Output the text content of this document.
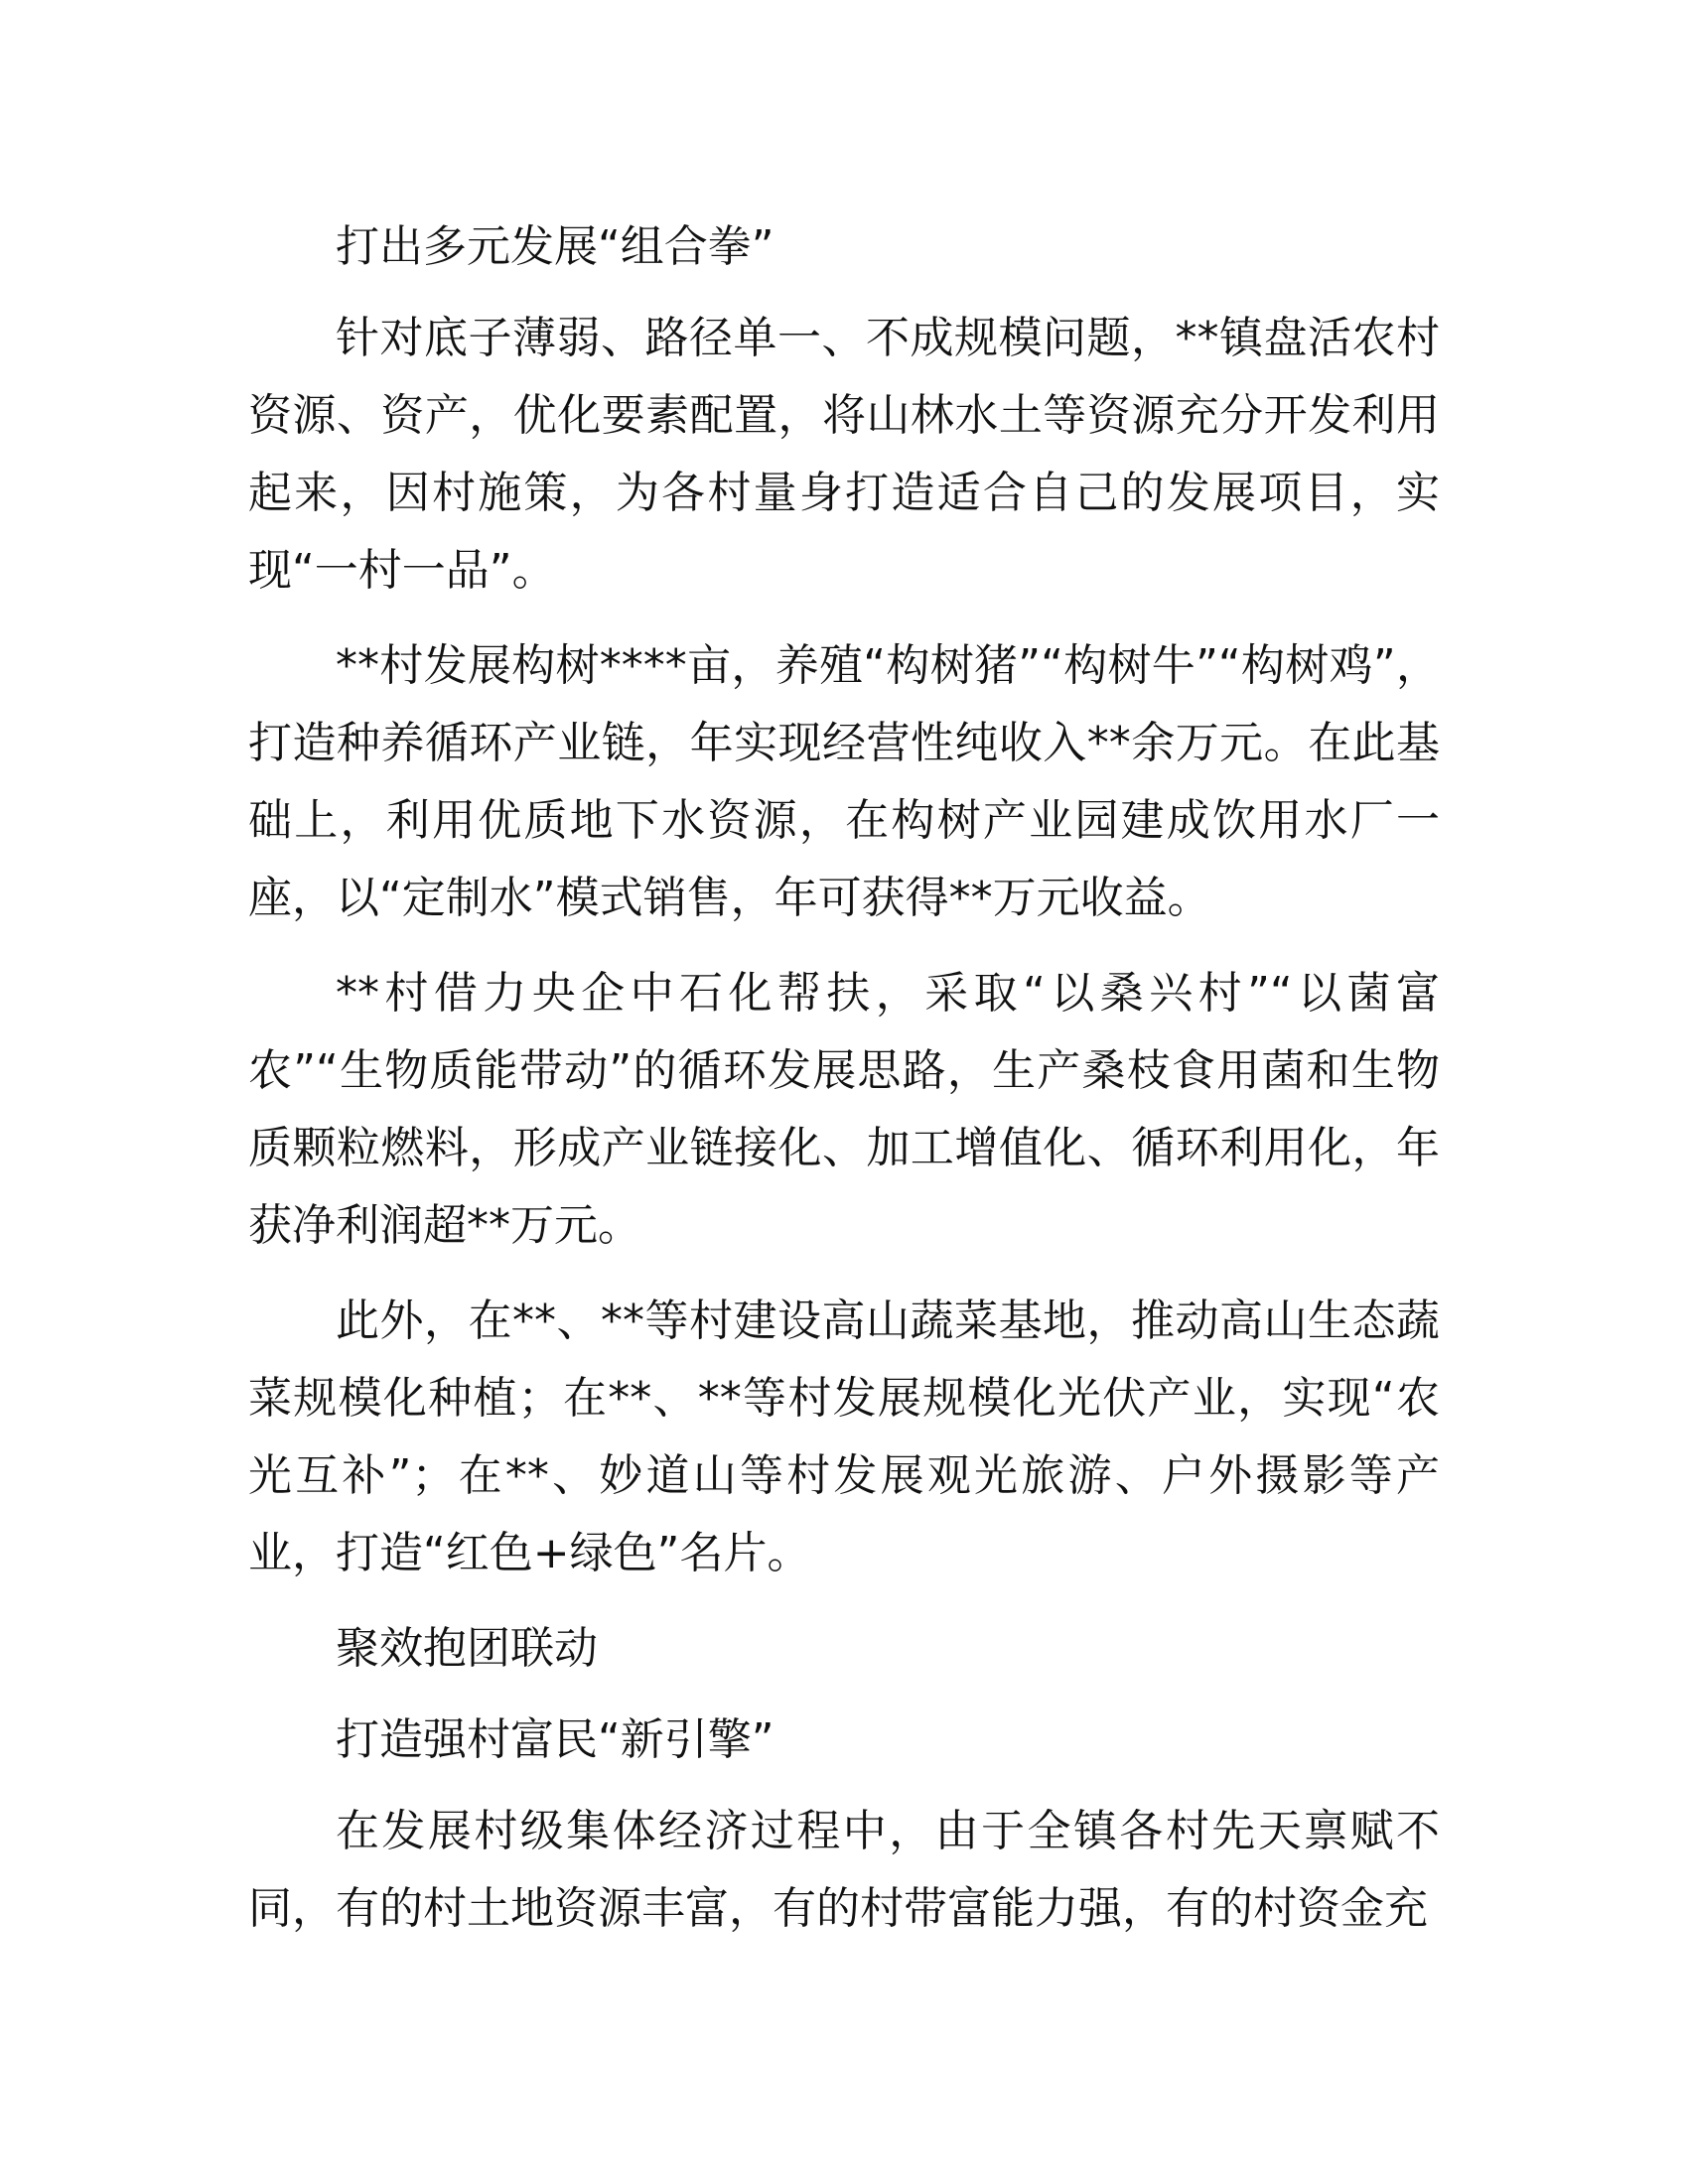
打出多元发展“组合拳”

针对底子薄弱、路径单一、不成规模问题，**镇盘活农村资源、资产，优化要素配置，将山林水土等资源充分开发利用起来，因村施策，为各村量身打造适合自己的发展项目，实现“一村一品”。

**村发展构树****亩，养殖“构树猪”“构树牛”“构树鸡”，打造种养循环产业链，年实现经营性纯收入**余万元。在此基础上，利用优质地下水资源，在构树产业园建成饮用水厂一座，以“定制水”模式销售，年可获得**万元收益。

**村借力央企中石化帮扶，采取“以桑兴村”“以菌富农”“生物质能带动”的循环发展思路，生产桑枝食用菌和生物质颗粒燃料，形成产业链接化、加工增值化、循环利用化，年获净利润超**万元。

此外，在**、**等村建设高山蔬菜基地，推动高山生态蔬菜规模化种植；在**、**等村发展规模化光伏产业，实现“农光互补”；在**、妙道山等村发展观光旅游、户外摄影等产业，打造“红色+绿色”名片。

聚效抱团联动

打造强村富民“新引擎”

在发展村级集体经济过程中，由于全镇各村先天禀赋不同，有的村土地资源丰富，有的村带富能力强，有的村资金充
